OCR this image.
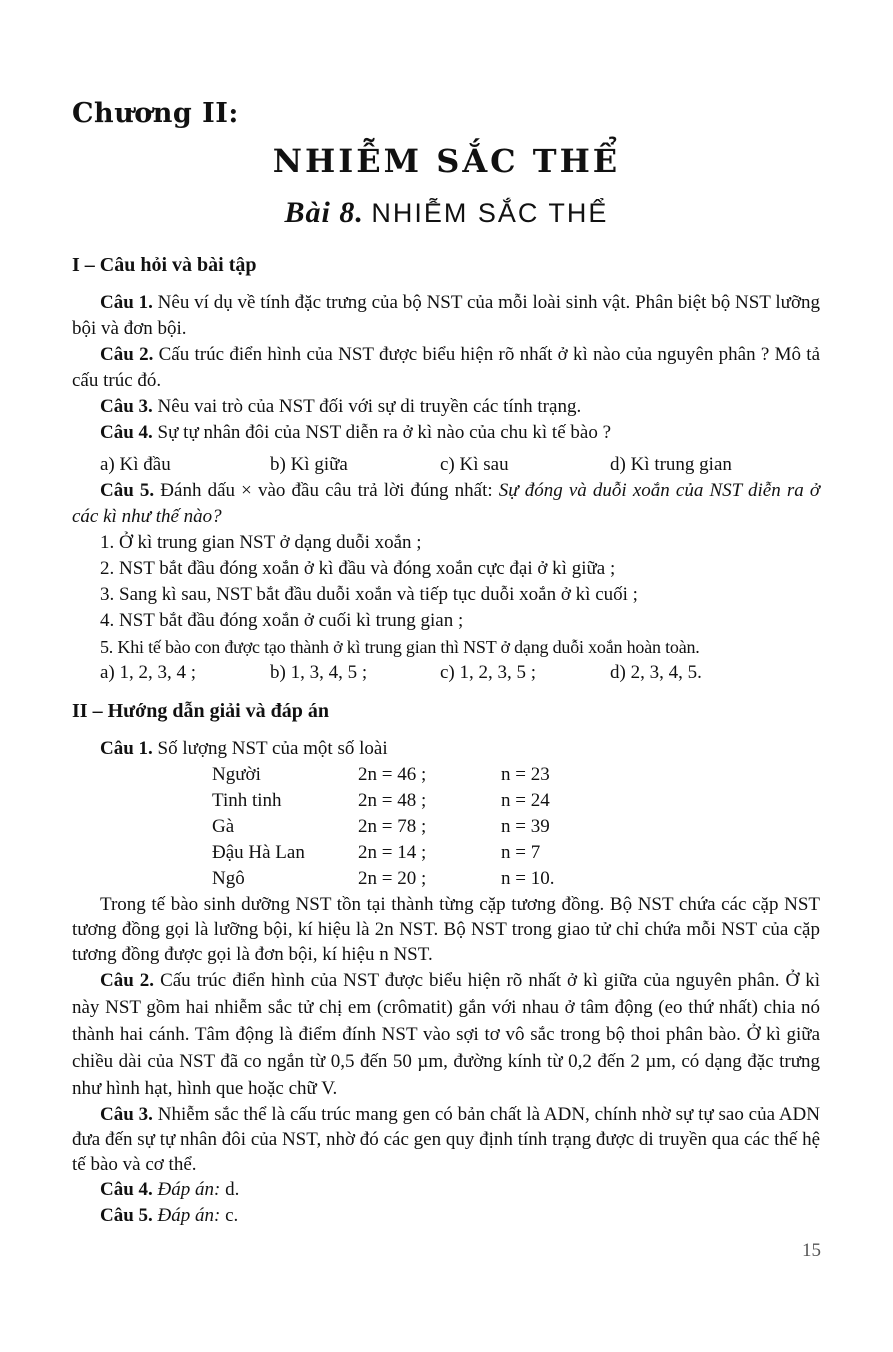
Chương II:
NHIỄM SẮC THỂ
Bài 8. NHIỄM SẮC THỂ
I – Câu hỏi và bài tập

Câu 1. Nêu ví dụ về tính đặc trưng của bộ NST của mỗi loài sinh vật. Phân biệt bộ NST lưỡng bội và đơn bội.

Câu 2. Cấu trúc điển hình của NST được biểu hiện rõ nhất ở kì nào của nguyên phân ? Mô tả cấu trúc đó.

Câu 3. Nêu vai trò của NST đối với sự di truyền các tính trạng.

Câu 4. Sự tự nhân đôi của NST diễn ra ở kì nào của chu kì tế bào ?

a) Kì đầu	b) Kì giữa	c) Kì sau	d) Kì trung gian

Câu 5. Đánh dấu × vào đầu câu trả lời đúng nhất: Sự đóng và duỗi xoắn của NST diễn ra ở các kì như thế nào?

1. Ở kì trung gian NST ở dạng duỗi xoắn ;

2. NST bắt đầu đóng xoắn ở kì đầu và đóng xoắn cực đại ở kì giữa ;

3. Sang kì sau, NST bắt đầu duỗi xoắn và tiếp tục duỗi xoắn ở kì cuối ;

4. NST bắt đầu đóng xoắn ở cuối kì trung gian ;

5. Khi tế bào con được tạo thành ở kì trung gian thì NST ở dạng duỗi xoắn hoàn toàn.

a) 1, 2, 3, 4 ;	b) 1, 3, 4, 5 ;	c) 1, 2, 3, 5 ;	d) 2, 3, 4, 5.
II – Hướng dẫn giải và đáp án

Câu 1. Số lượng NST của một số loài

Người	2n = 46 ;	n = 23
Tinh tinh	2n = 48 ;	n = 24
Gà	2n = 78 ;	n = 39
Đậu Hà Lan	2n = 14 ;	n = 7
Ngô	2n = 20 ;	n = 10.

Trong tế bào sinh dưỡng NST tồn tại thành từng cặp tương đồng. Bộ NST chứa các cặp NST tương đồng gọi là lưỡng bội, kí hiệu là 2n NST. Bộ NST trong giao tử chỉ chứa mỗi NST của cặp tương đồng được gọi là đơn bội, kí hiệu n NST.

Câu 2. Cấu trúc điển hình của NST được biểu hiện rõ nhất ở kì giữa của nguyên phân. Ở kì này NST gồm hai nhiễm sắc tử chị em (crômatit) gắn với nhau ở tâm động (eo thứ nhất) chia nó thành hai cánh. Tâm động là điểm đính NST vào sợi tơ vô sắc trong bộ thoi phân bào. Ở kì giữa chiều dài của NST đã co ngắn từ 0,5 đến 50 µm, đường kính từ 0,2 đến 2 µm, có dạng đặc trưng như hình hạt, hình que hoặc chữ V.

Câu 3. Nhiễm sắc thể là cấu trúc mang gen có bản chất là ADN, chính nhờ sự tự sao của ADN đưa đến sự tự nhân đôi của NST, nhờ đó các gen quy định tính trạng được di truyền qua các thế hệ tế bào và cơ thể.

Câu 4. Đáp án: d.

Câu 5. Đáp án: c.

15
